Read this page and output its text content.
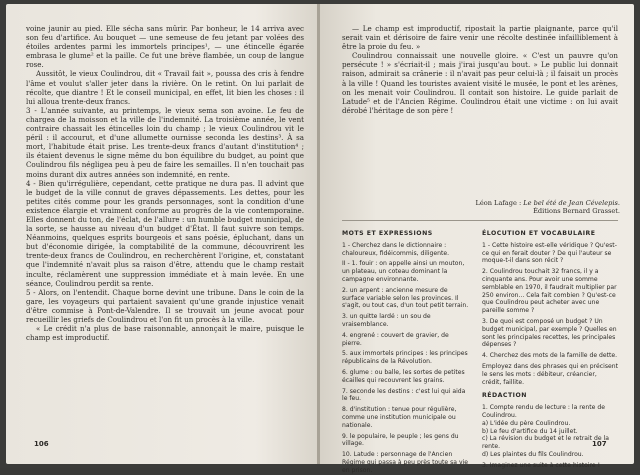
voine jaunir au pied. Elle sécha sans mûrir. Par bonheur, le 14 arriva avec son feu d'artifice. Au bouquet — une semeuse de feu jetant par volées des étoiles ardentes parmi les immortels principes¹, — une étincelle égarée embrasa le glume² et la paille. Ce fut une brève flambée, un coup de langue rose.

Aussitôt, le vieux Coulindrou, dit « Travail fait », poussa des cris à fendre l'âme et voulut s'aller jeter dans la rivière. On le retint. On lui parlait de récolte, que diantre ! Et le conseil municipal, en effet, lit bien les choses : il lui alloua trente-deux francs.

3 - L'année suivante, au printemps, le vieux sema son avoine. Le feu de chargea de la moisson et la ville de l'indemnité. La troisième année, le vent contraire chassait les étincelles loin du champ ; le vieux Coulindrou vit le péril : il accourut, et d'une allumette ournisse seconda les destins³. À sa mort, l'habitude était prise. Les trente-deux francs d'autant d'institution⁴ ; ils étaient devenus le signe même du bon équilibre du budget, au point que Coulindrou fils négligea peu à peu de faire les semailles. Il n'en touchait pas moins durant dix autres années son indemnité, en rente.

4 - Bien qu'irrégulière, cependant, cette pratique ne dura pas. Il advint que le budget de la ville connut de graves dépassements. Les dettes, pour les petites cités comme pour les grands personnages, sont la condition d'une existence élargie et vraiment conforme au progrès de la vie contemporaine. Elles donnent du ton, de l'éclat, de l'allure : un humble budget municipal, de la sorte, se hausse au niveau d'un budget d'État. Il faut suivre son temps. Néanmoins, quelques esprits bourgeois et sans poésie, épluchant, dans un but d'économie dirigée, la comptabilité de la commune, découvrirent les trente-deux francs de Coulindrou, en recherchèrent l'origine, et, constatant que l'indemnité n'avait plus sa raison d'être, attendu que le champ restait inculte, réclamèrent une suppression immédiate et à main levée. En une séance, Coulindrou perdit sa rente.

5 - Alors, on l'entendit. Chaque borne devint une tribune. Dans le coin de la gare, les voyageurs qui partaient savaient qu'une grande injustice venait d'être commise à Pont-de-Valendre. Il se trouvait un jeune avocat pour recueillir les griefs de Coulindrou et l'on fit un procès à la ville.

« Le crédit n'a plus de base raisonnable, annonçait le maire, puisque le champ est improductif.

106

— Le champ est improductif, ripostait la partie plaignante, parce qu'il serait vain et dérisoire de faire venir une récolte destinée infailliblement à être la proie du feu. »

Coulindrou connaissait une nouvelle gloire. « C'est un pauvre qu'on persécute ! » s'écriait-il ; mais j'irai jusqu'au bout. » Le public lui donnait raison, admirait sa crânerie : il n'avait pas peur celui-là ; il faisait un procès à la ville ! Quand les touristes avaient visité le musée, le pont et les arènes, on les menait voir Coulindrou. Il contait son histoire. Le guide parlait de Latude⁵ et de l'Ancien Régime. Coulindrou était une victime : on lui avait dérobé l'héritage de son père !

Léon Lafage : Le bel été de Jean Cévelepis.
Éditions Bernard Grasset.
MOTS ET EXPRESSIONS
1 - Cherchez dans le dictionnaire : chaloureux, fidéicommis, diligente.
II - 1. fouir : on appelle ainsi un mouton, un plateau, un coteau dominant la campagne environnante.
2. un arpent : ancienne mesure de surface variable selon les provinces. Il s'agit, ou tout cas, d'un tout petit terrain.
3. un quitte lardé : un sou de vraisemblance.
4. engrené : couvert de gravier, de pierre.
5. aux immortels principes : les principes républicains de la Révolution.
6. glume : ou balle, les sortes de petites écailles qui recouvrent les grains.
7. seconde les destins : c'est lui qui aida le feu.
8. d'institution : tenue pour régulière, comme une institution municipale ou nationale.
9. le populaire, le peuple ; les gens du village.
10. Latude : personnage de l'Ancien Régime qui passa à peu près toute sa vie en prison.
ÉLOCUTION ET VOCABULAIRE
1 - Cette histoire est-elle véridique ? Qu'est-ce qui en ferait douter ? De qui l'auteur se moque-t-il dans son récit ?
2. Coulindrou touchait 32 francs, il y a cinquante ans. Pour avoir une somme semblable en 1970, il faudrait multiplier par 250 environ... Cela fait combien ? Qu'est-ce que Coulindrou peut acheter avec une pareille somme ?
3. De quoi est composé un budget ? Un budget municipal, par exemple ? Quelles en sont les principales recettes, les principales dépenses ?
4. Cherchez des mots de la famille de dette.
Employez dans des phrases qui en précisent le sens les mots : débiteur, créancier, crédit, faillite.
RÉDACTION
1. Compte rendu de lecture : la rente de Coulindrou.
a) L'idée du père Coulindrou.
b) Le feu d'artifice du 14 juillet.
c) La révision du budget et le retrait de la rente.
d) Les plaintes du fils Coulindrou.
3. Imaginez une suite à cette histoire !
107
